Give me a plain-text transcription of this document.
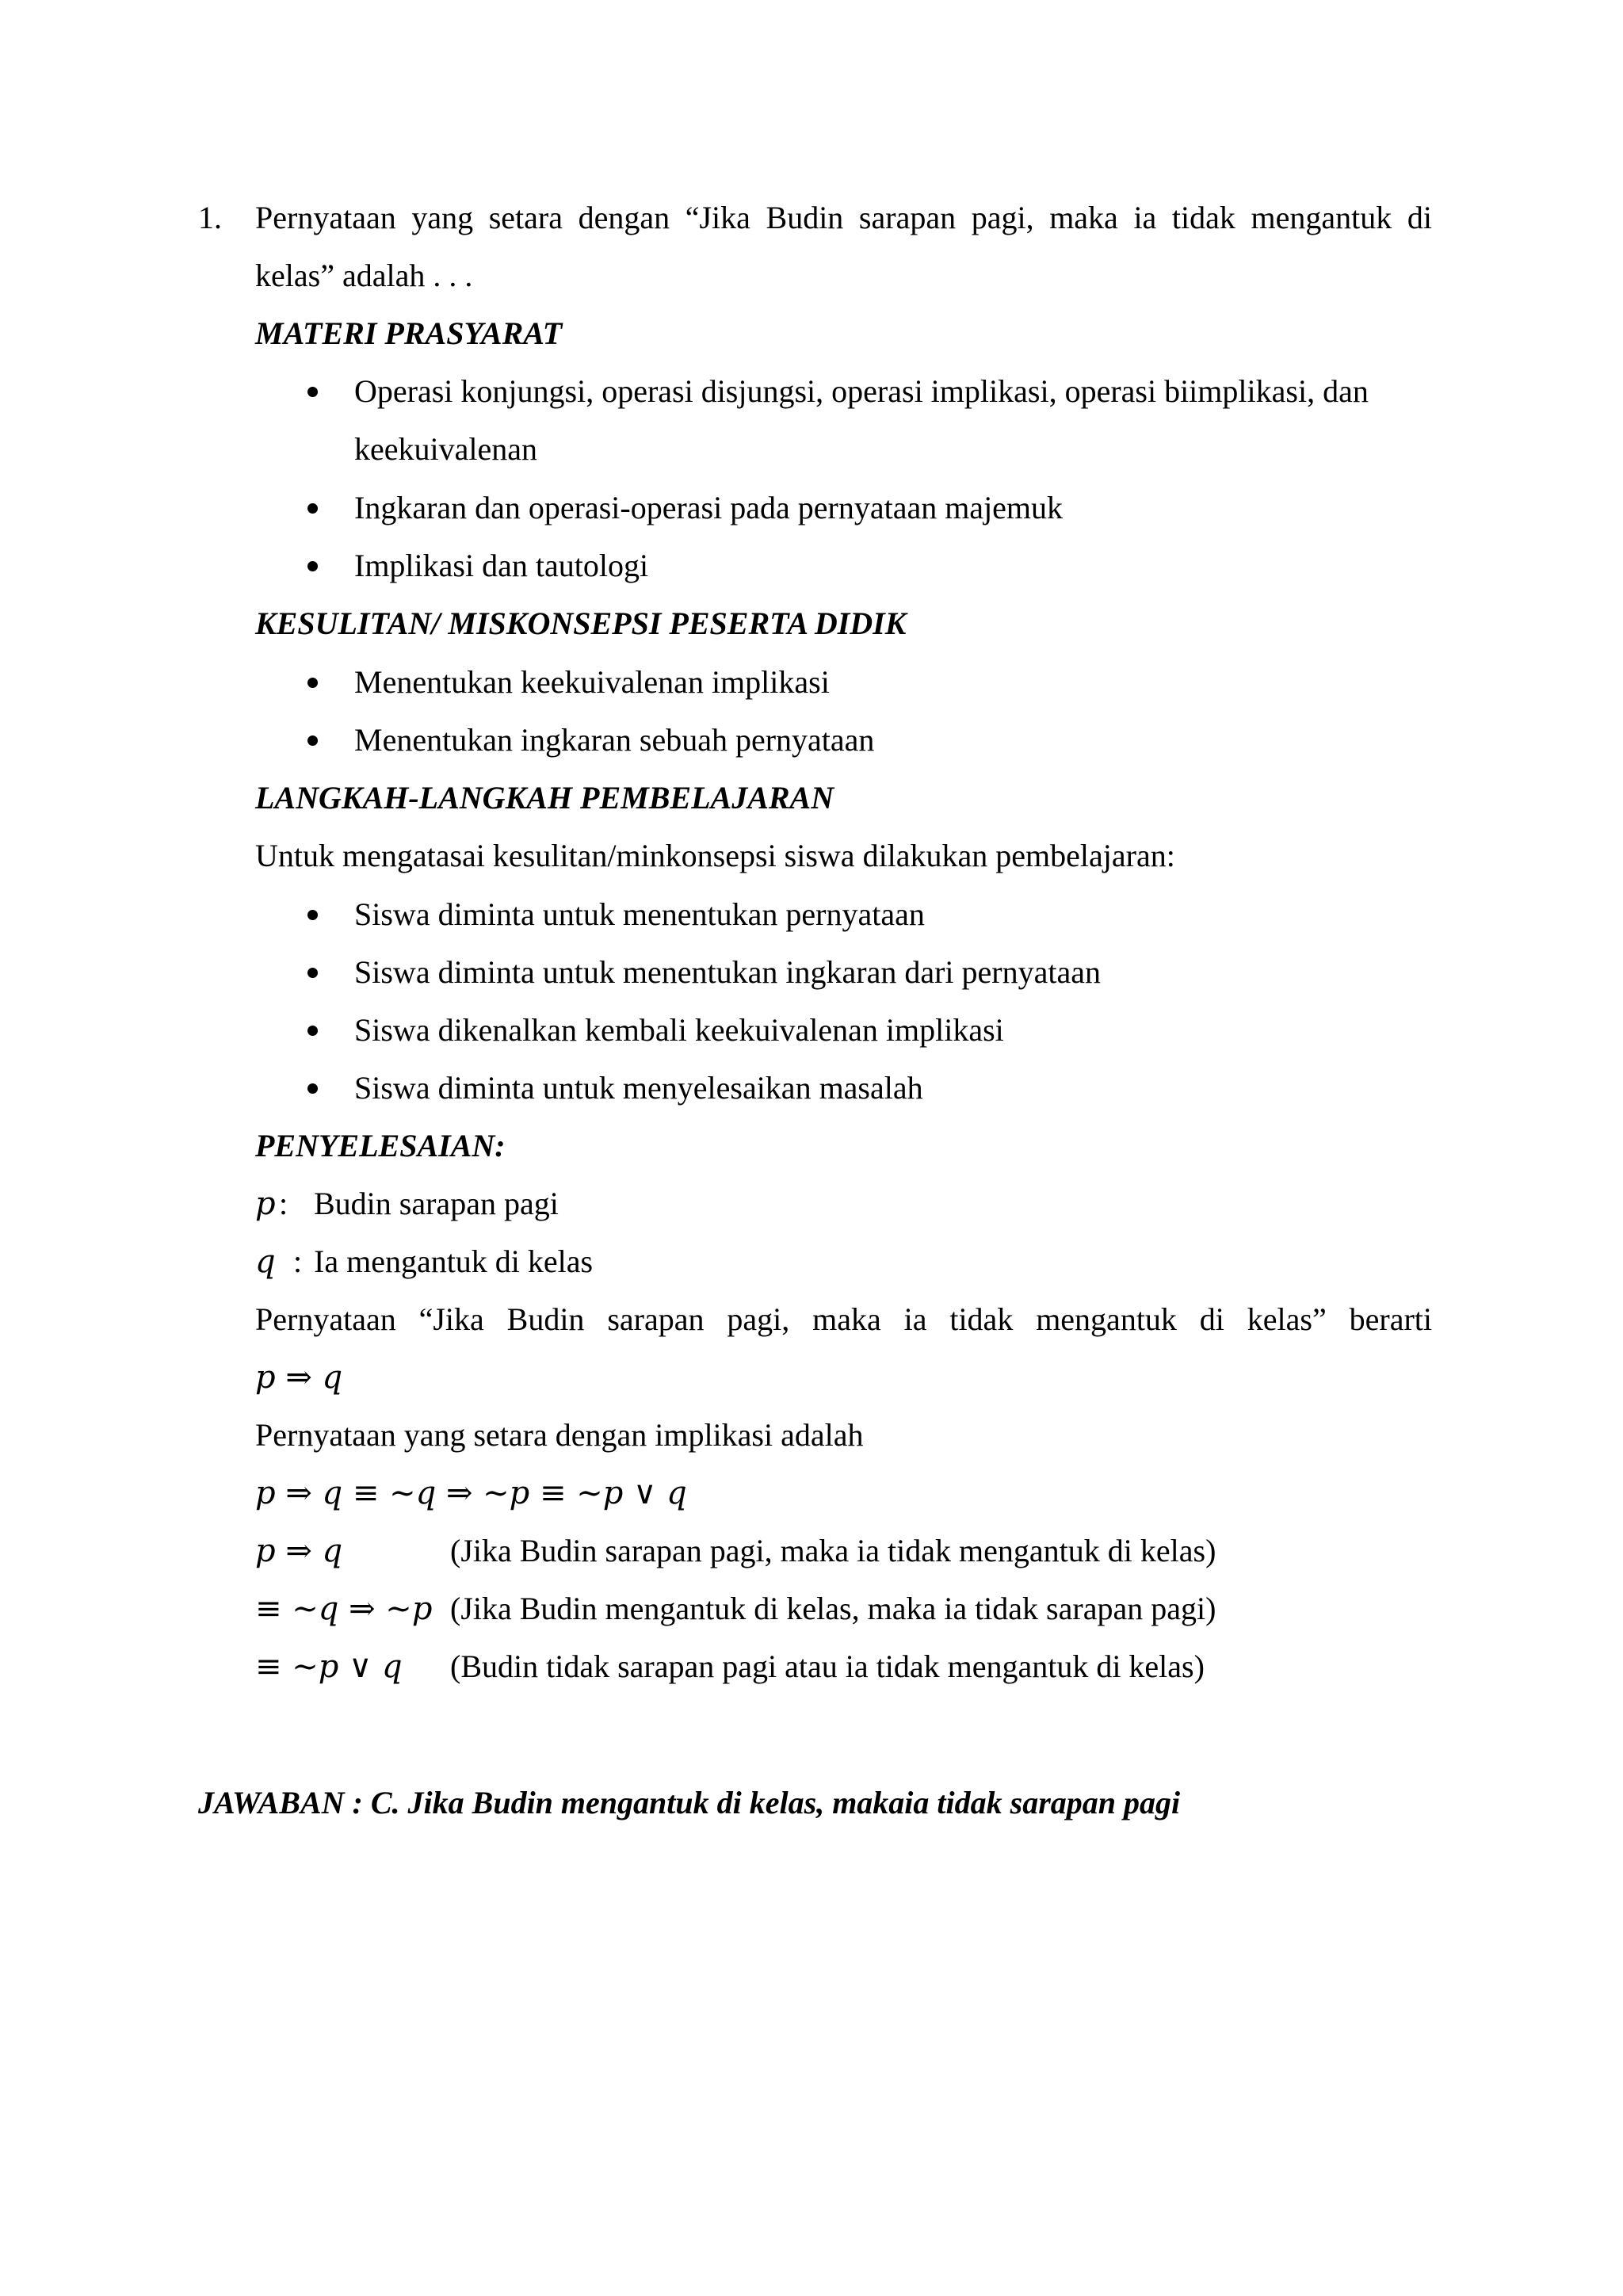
1. Pernyataan yang setara dengan “Jika Budin sarapan pagi, maka ia tidak mengantuk di
kelas” adalah . . .
MATERI PRASYARAT
Operasi konjungsi, operasi disjungsi, operasi implikasi, operasi biimplikasi, dan
keekuivalenan
Ingkaran dan operasi-operasi pada pernyataan majemuk
Implikasi dan tautologi
KESULITAN/ MISKONSEPSI PESERTA DIDIK
Menentukan keekuivalenan implikasi
Menentukan ingkaran sebuah pernyataan
LANGKAH-LANGKAH PEMBELAJARAN
Untuk mengatasai kesulitan/minkonsepsi siswa dilakukan pembelajaran:
Siswa diminta untuk menentukan pernyataan
Siswa diminta untuk menentukan ingkaran dari pernyataan
Siswa dikenalkan kembali keekuivalenan implikasi
Siswa diminta untuk menyelesaikan masalah
PENYELESAIAN:
p : Budin sarapan pagi
q : Ia mengantuk di kelas
Pernyataan “Jika Budin sarapan pagi, maka ia tidak mengantuk di kelas” berarti
p ⇒ q
Pernyataan yang setara dengan implikasi adalah
p ⇒ q ≡ ∼q ⇒ ∼p ≡ ∼p ∨ q
p ⇒ q	(Jika Budin sarapan pagi, maka ia tidak mengantuk di kelas)
≡ ∼q ⇒ ∼p (Jika Budin mengantuk di kelas, maka ia tidak sarapan pagi)
≡ ∼p ∨ q (Budin tidak sarapan pagi atau ia tidak mengantuk di kelas)
JAWABAN : C. Jika Budin mengantuk di kelas, makaia tidak sarapan pagi
